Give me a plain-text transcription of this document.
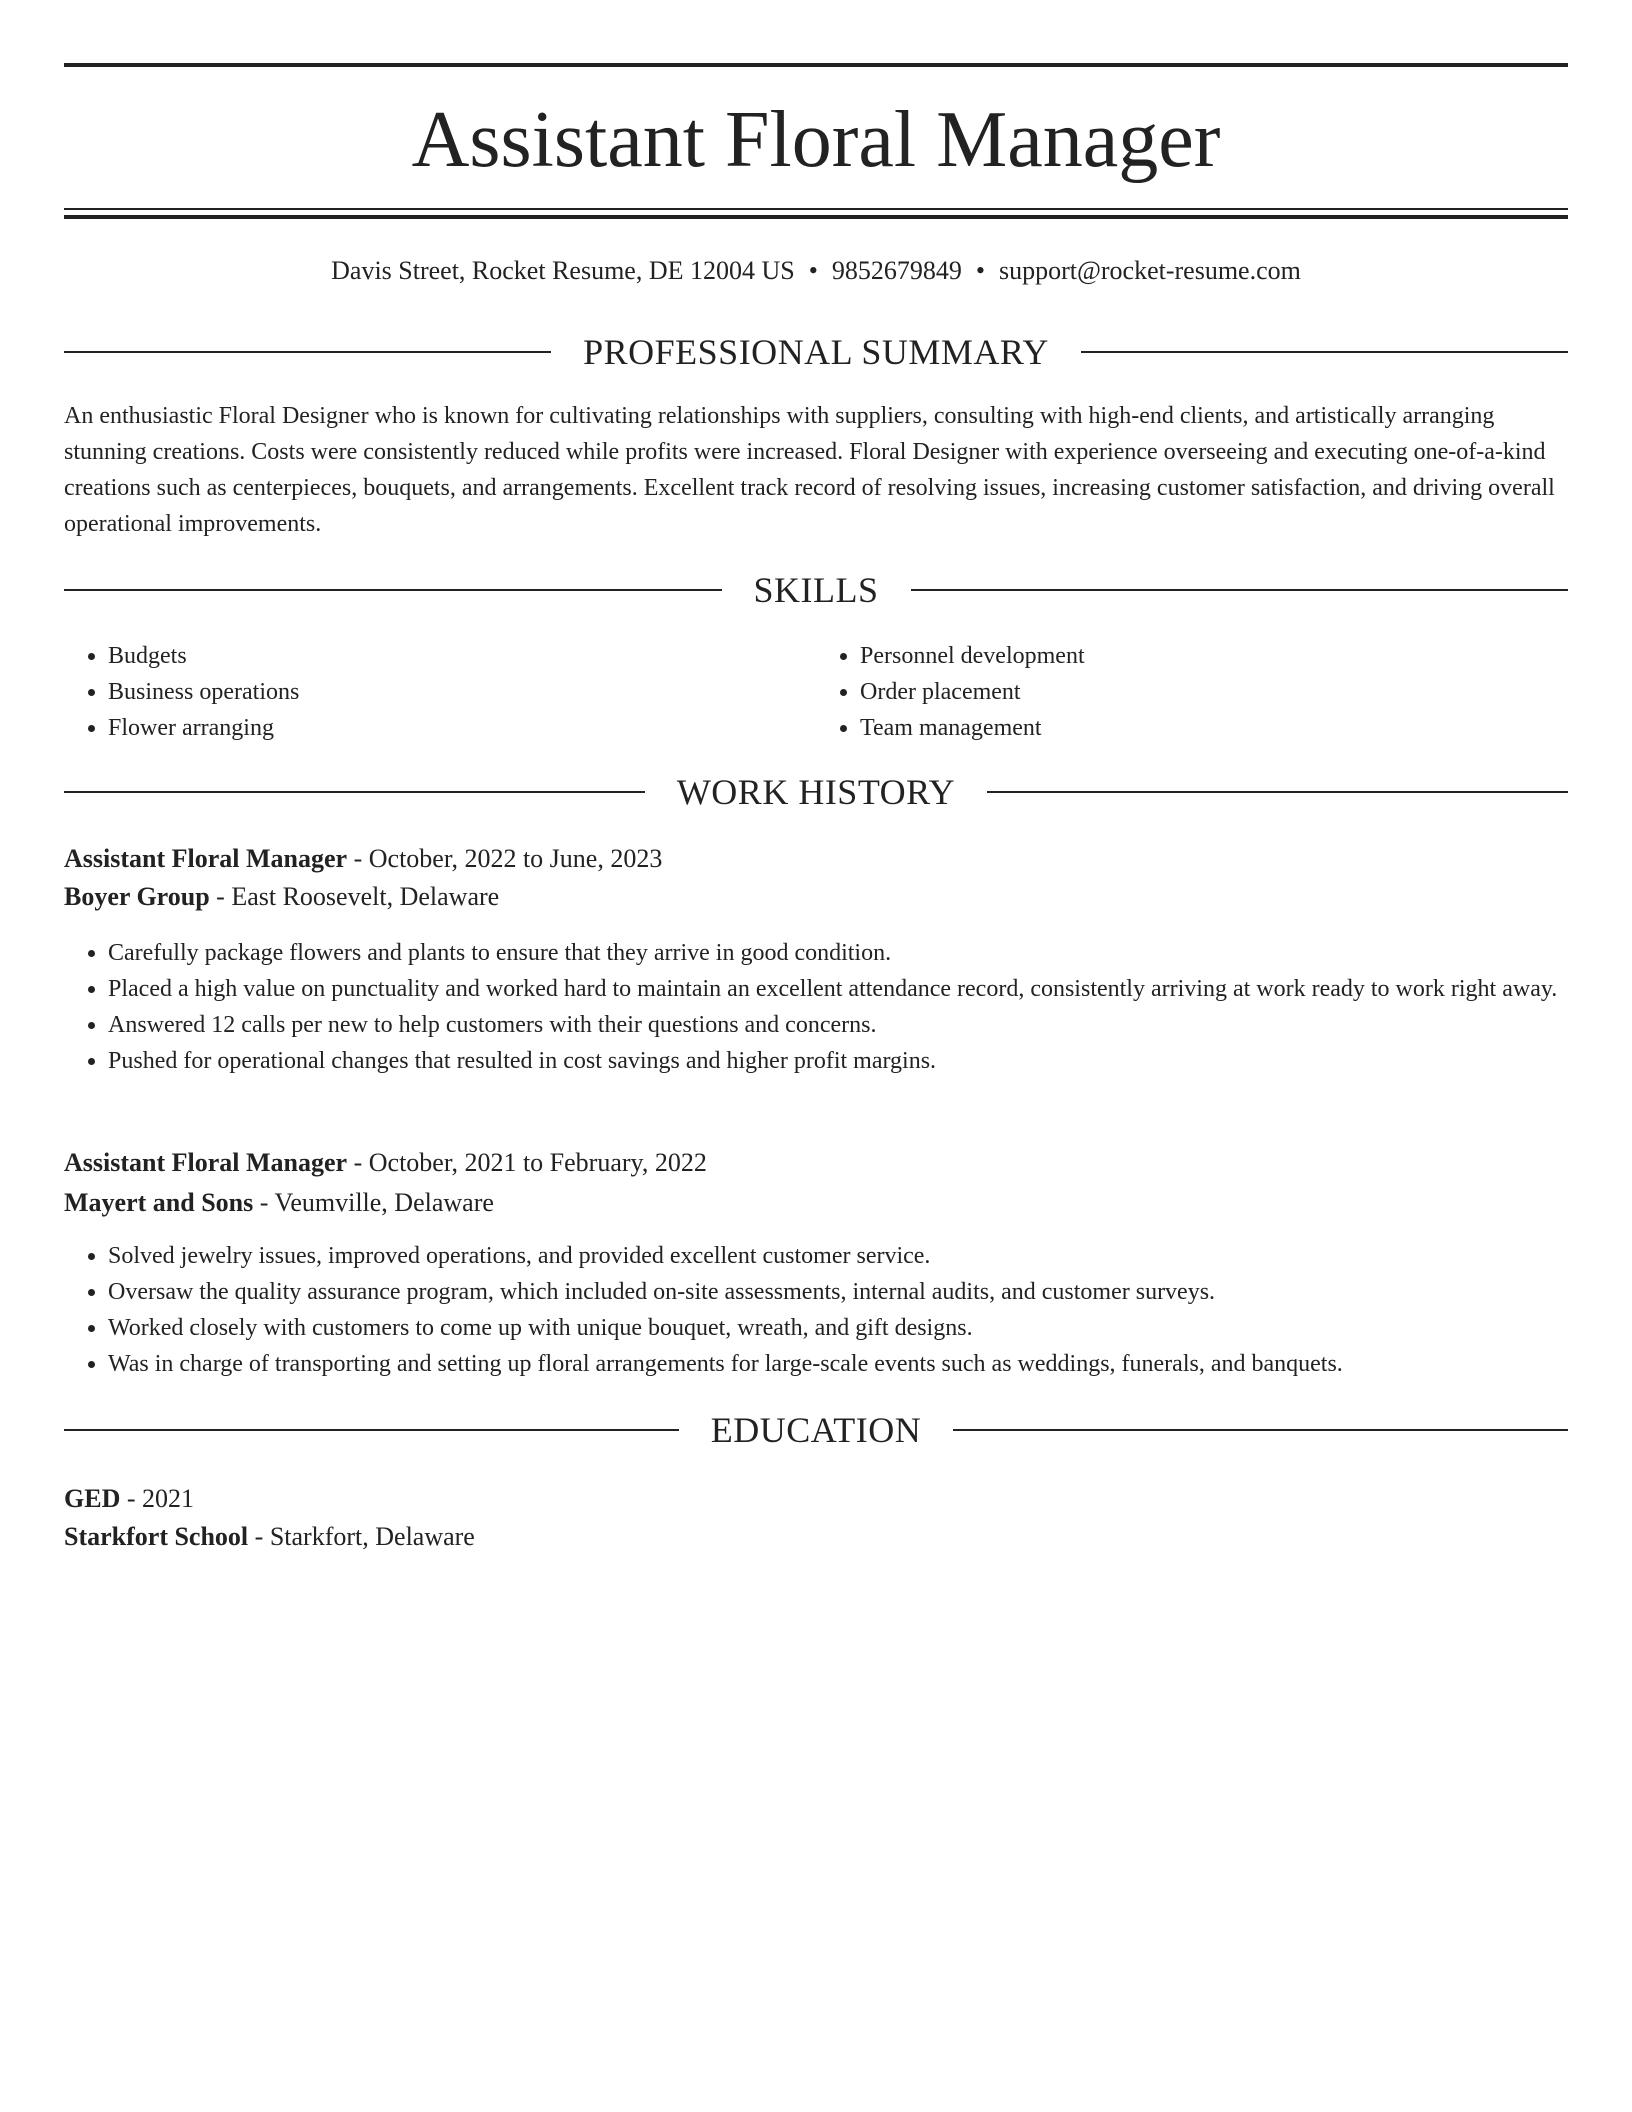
Assistant Floral Manager
Davis Street, Rocket Resume, DE 12004 US • 9852679849 • support@rocket-resume.com
PROFESSIONAL SUMMARY

An enthusiastic Floral Designer who is known for cultivating relationships with suppliers, consulting with high-end clients, and artistically arranging stunning creations. Costs were consistently reduced while profits were increased. Floral Designer with experience overseeing and executing one-of-a-kind creations such as centerpieces, bouquets, and arrangements. Excellent track record of resolving issues, increasing customer satisfaction, and driving overall operational improvements.

SKILLS
• Budgets
• Business operations
• Flower arranging
• Personnel development
• Order placement
• Team management
WORK HISTORY
Assistant Floral Manager - October, 2022 to June, 2023
Boyer Group - East Roosevelt, Delaware
• Carefully package flowers and plants to ensure that they arrive in good condition.
• Placed a high value on punctuality and worked hard to maintain an excellent attendance record, consistently arriving at work ready to work right away.
• Answered 12 calls per new to help customers with their questions and concerns.
• Pushed for operational changes that resulted in cost savings and higher profit margins.
Assistant Floral Manager - October, 2021 to February, 2022
Mayert and Sons - Veumville, Delaware
• Solved jewelry issues, improved operations, and provided excellent customer service.
• Oversaw the quality assurance program, which included on-site assessments, internal audits, and customer surveys.
• Worked closely with customers to come up with unique bouquet, wreath, and gift designs.
• Was in charge of transporting and setting up floral arrangements for large-scale events such as weddings, funerals, and banquets.
EDUCATION
GED - 2021
Starkfort School - Starkfort, Delaware
